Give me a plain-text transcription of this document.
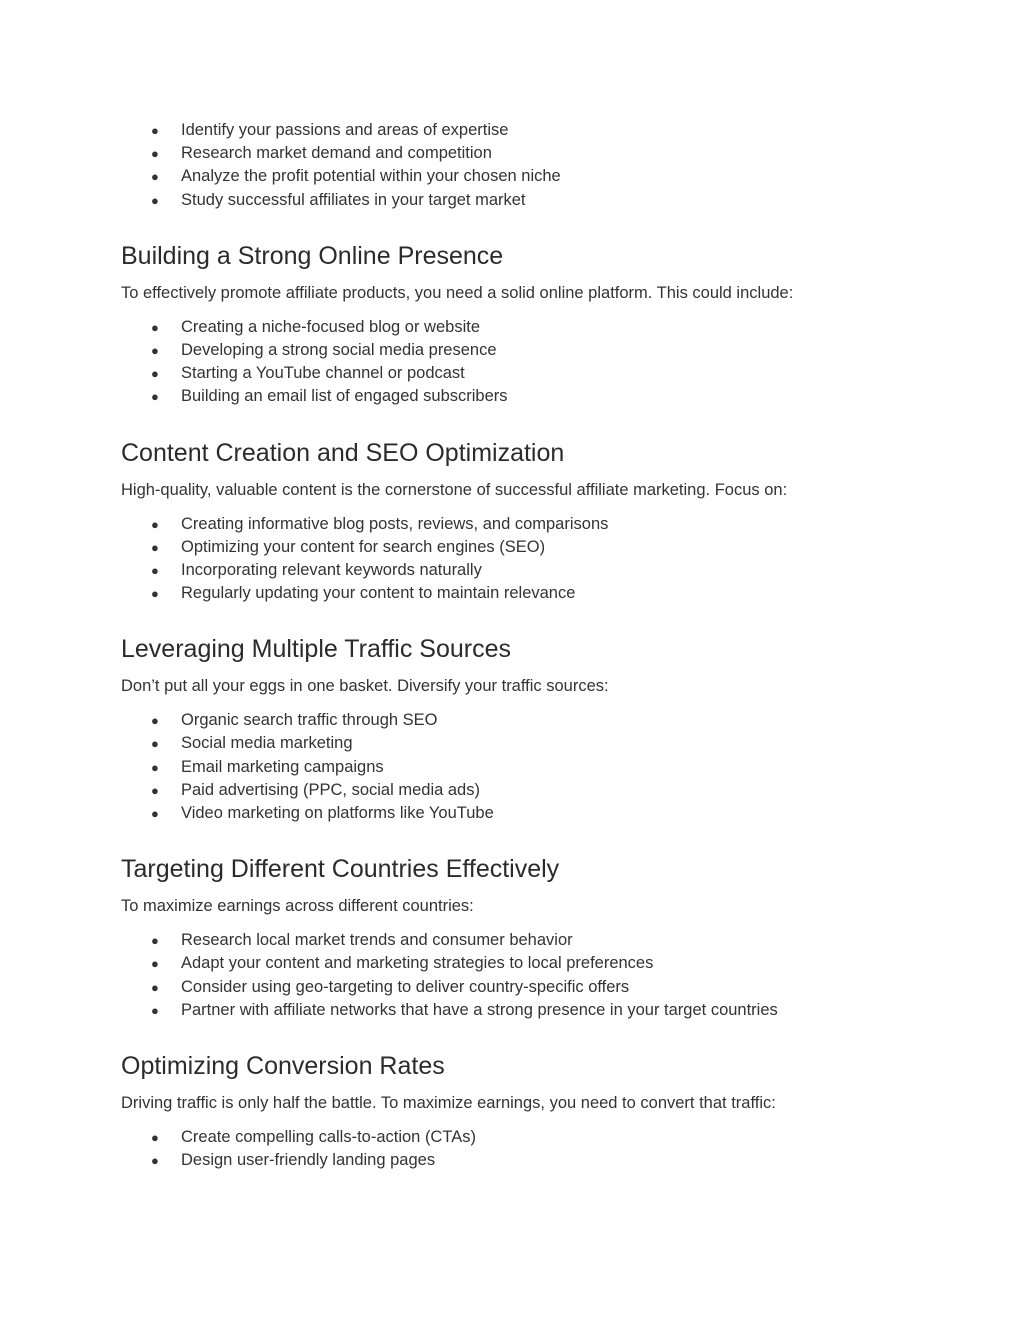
● Identify your passions and areas of expertise
● Research market demand and competition
● Analyze the profit potential within your chosen niche
● Study successful affiliates in your target market
Building a Strong Online Presence

To effectively promote affiliate products, you need a solid online platform. This could include:

● Creating a niche-focused blog or website
● Developing a strong social media presence
● Starting a YouTube channel or podcast
● Building an email list of engaged subscribers
Content Creation and SEO Optimization

High-quality, valuable content is the cornerstone of successful affiliate marketing. Focus on:

● Creating informative blog posts, reviews, and comparisons
● Optimizing your content for search engines (SEO)
● Incorporating relevant keywords naturally
● Regularly updating your content to maintain relevance
Leveraging Multiple Traffic Sources

Don’t put all your eggs in one basket. Diversify your traffic sources:

● Organic search traffic through SEO
● Social media marketing
● Email marketing campaigns
● Paid advertising (PPC, social media ads)
● Video marketing on platforms like YouTube
Targeting Different Countries Effectively

To maximize earnings across different countries:

● Research local market trends and consumer behavior
● Adapt your content and marketing strategies to local preferences
● Consider using geo-targeting to deliver country-specific offers
● Partner with affiliate networks that have a strong presence in your target countries
Optimizing Conversion Rates

Driving traffic is only half the battle. To maximize earnings, you need to convert that traffic:

● Create compelling calls-to-action (CTAs)
● Design user-friendly landing pages
